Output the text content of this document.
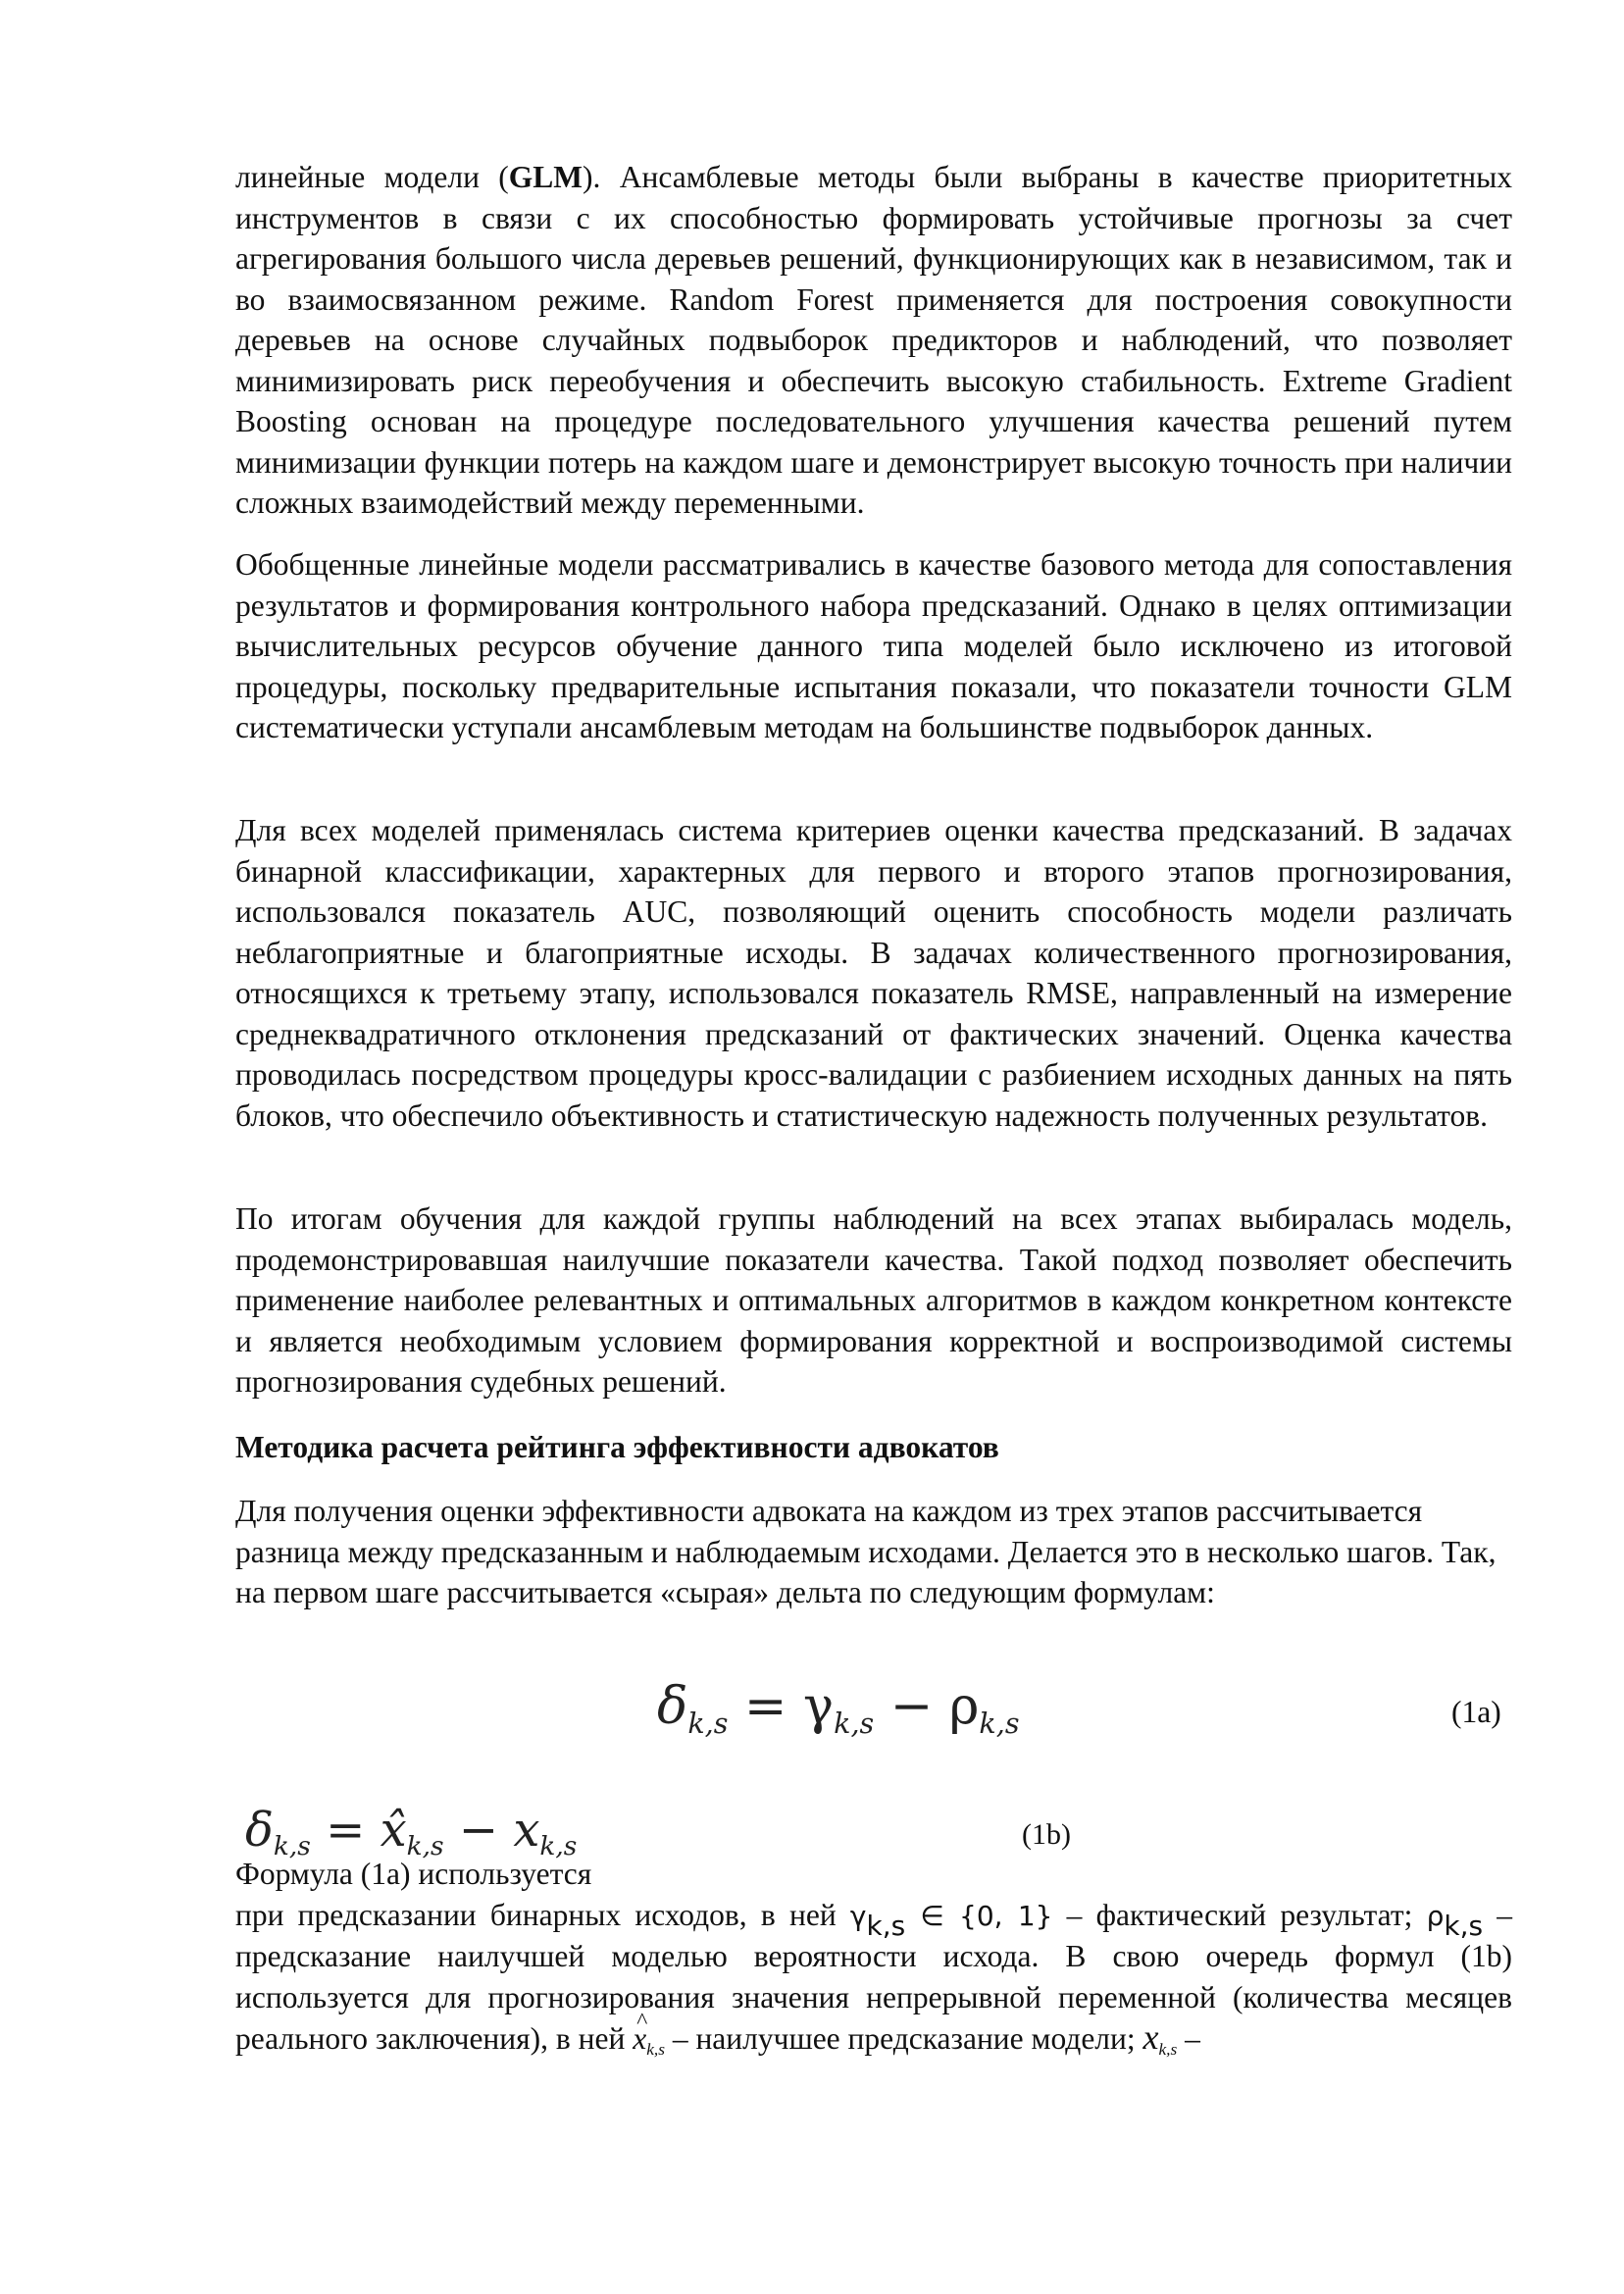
линейные модели (GLM). Ансамблевые методы были выбраны в качестве приоритетных инструментов в связи с их способностью формировать устойчивые прогнозы за счет агрегирования большого числа деревьев решений, функционирующих как в независимом, так и во взаимосвязанном режиме. Random Forest применяется для построения совокупности деревьев на основе случайных подвыборок предикторов и наблюдений, что позволяет минимизировать риск переобучения и обеспечить высокую стабильность. Extreme Gradient Boosting основан на процедуре последовательного улучшения качества решений путем минимизации функции потерь на каждом шаге и демонстрирует высокую точность при наличии сложных взаимодействий между переменными.
Обобщенные линейные модели рассматривались в качестве базового метода для сопоставления результатов и формирования контрольного набора предсказаний. Однако в целях оптимизации вычислительных ресурсов обучение данного типа моделей было исключено из итоговой процедуры, поскольку предварительные испытания показали, что показатели точности GLM систематически уступали ансамблевым методам на большинстве подвыборок данных.
Для всех моделей применялась система критериев оценки качества предсказаний. В задачах бинарной классификации, характерных для первого и второго этапов прогнозирования, использовался показатель AUC, позволяющий оценить способность модели различать неблагоприятные и благоприятные исходы. В задачах количественного прогнозирования, относящихся к третьему этапу, использовался показатель RMSE, направленный на измерение среднеквадратичного отклонения предсказаний от фактических значений. Оценка качества проводилась посредством процедуры кросс-валидации с разбиением исходных данных на пять блоков, что обеспечило объективность и статистическую надежность полученных результатов.
По итогам обучения для каждой группы наблюдений на всех этапах выбиралась модель, продемонстрировавшая наилучшие показатели качества. Такой подход позволяет обеспечить применение наиболее релевантных и оптимальных алгоритмов в каждом конкретном контексте и является необходимым условием формирования корректной и воспроизводимой системы прогнозирования судебных решений.
Методика расчета рейтинга эффективности адвокатов
Для получения оценки эффективности адвоката на каждом из трех этапов рассчитывается разница между предсказанным и наблюдаемым исходами. Делается это в несколько шагов. Так, на первом шаге рассчитывается «сырая» дельта по следующим формулам:
$\delta_{k,s} = \gamma_{k,s} - \rho_{k,s}$	(1a)
$\delta_{k,s}$ = $x̂_{k,s} - x_{k,s}$	(1b)
Формула (1a) используется
при предсказании бинарных исходов, в ней $\gamma_{k,s}$ ∈ {0, 1} – фактический результат; $\rho_{k,s}$ – предсказание наилучшей моделью вероятности исхода. В свою очередь формул (1b) используется для прогнозирования значения непрерывной переменной (количества месяцев реального заключения), в ней ^ $x_{k,s}$ – наилучшее предсказание модели; $x_{k,s}$ –
